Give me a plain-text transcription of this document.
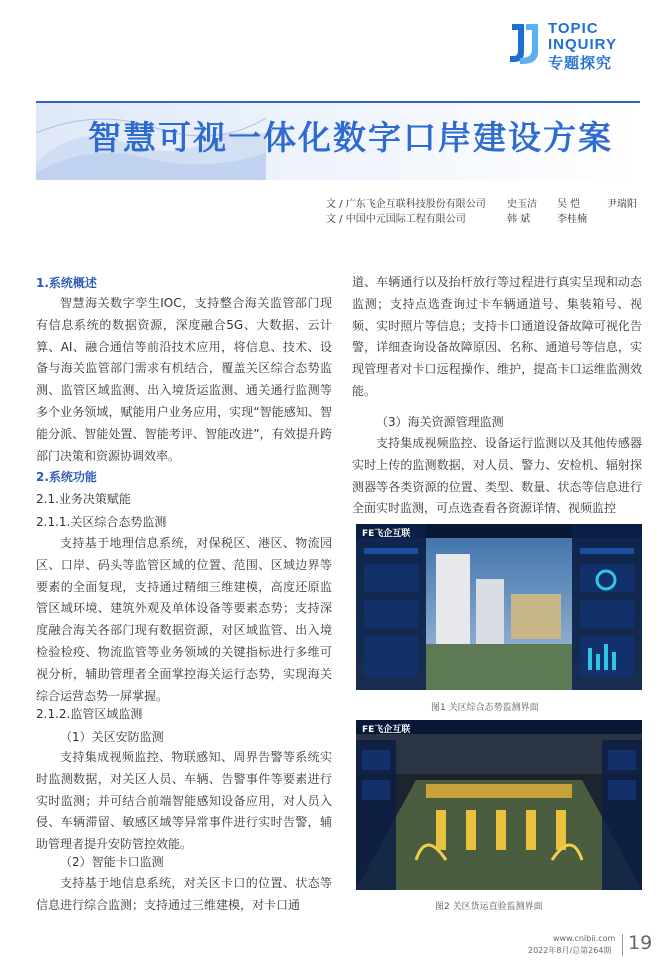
TOPIC
INQUIRY
专题探究
智慧可视一体化数字口岸建设方案
文 / 广东飞企互联科技股份有限公司 史玉洁 吴 恺	尹瑞阳
文 / 中国中元国际工程有限公司	韩 斌	李桂楠
1.系统概述

智慧海关数字孪生IOC，支持整合海关监管部门现有信息系统的数据资源，深度融合5G、大数据、云计算、AI、融合通信等前沿技术应用，将信息、技术、设备与海关监管部门需求有机结合，覆盖关区综合态势监测、监管区域监测、出入境货运监测、通关通行监测等多个业务领域，赋能用户业务应用，实现“智能感知、智能分派、智能处置、智能考评、智能改进”，有效提升跨部门决策和资源协调效率。

2.系统功能
2.1.业务决策赋能
2.1.1.关区综合态势监测

支持基于地理信息系统，对保税区、港区、物流园区、口岸、码头等监管区域的位置、范围、区域边界等要素的全面复现，支持通过精细三维建模，高度还原监管区域环境、建筑外观及单体设备等要素态势；支持深度融合海关各部门现有数据资源，对区域监管、出入境检验检疫、物流监管等业务领域的关键指标进行多维可视分析，辅助管理者全面掌控海关运行态势，实现海关综合运营态势一屏掌握。

2.1.2.监管区域监测
（1）关区安防监测

支持集成视频监控、物联感知、周界告警等系统实时监测数据，对关区人员、车辆、告警事件等要素进行实时监测；并可结合前端智能感知设备应用，对人员入侵、车辆滞留、敏感区域等异常事件进行实时告警，辅助管理者提升安防管控效能。

（2）智能卡口监测

支持基于地信息系统，对关区卡口的位置、状态等信息进行综合监测；支持通过三维建模，对卡口通

道、车辆通行以及抬杆放行等过程进行真实呈现和动态监测；支持点选查询过卡车辆通道号、集装箱号、视频、实时照片等信息；支持卡口通道设备故障可视化告警，详细查询设备故障原因、名称、通道号等信息，实现管理者对卡口远程操作、维护，提高卡口运维监测效能。

（3）海关资源管理监测

支持集成视频监控、设备运行监测以及其他传感器实时上传的监测数据，对人员、警力、安检机、辐射探测器等各类资源的位置、类型、数量、状态等信息进行全面实时监测，可点选查看各资源详情、视频监控

FE飞企互联
图1 关区综合态势监测界面
FE飞企互联
图2 关区货运直验监测界面
www.cnibii.com
2022年8月/总第264期 19
